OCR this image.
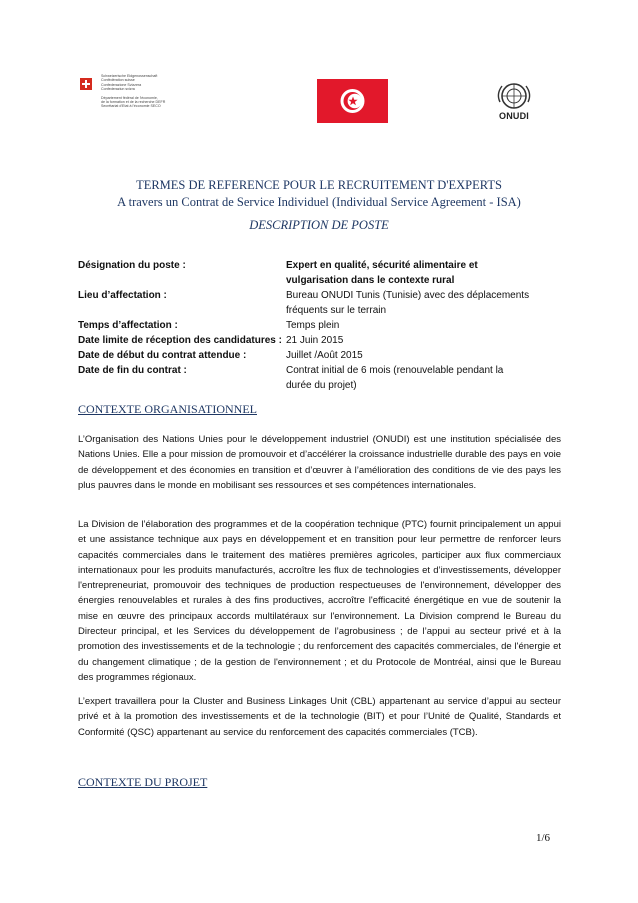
Schweizerische Eidgenossenschaft
Confédération suisse
Confederazione Svizzera
Confederaziun svizra
Département fédéral de l'économie,
de la formation et de la recherche DEFR
Secrétariat d'Etat à l'économie SECO
ONUDI
TERMES DE REFERENCE POUR LE RECRUITEMENT D'EXPERTS
A travers un Contrat de Service Individuel (Individual Service Agreement - ISA)
DESCRIPTION DE POSTE
Désignation du poste :	Expert en qualité, sécurité alimentaire et vulgarisation dans le contexte rural
Lieu d’affectation :	Bureau ONUDI Tunis (Tunisie) avec des déplacements fréquents sur le terrain
Temps d’affectation :	Temps plein
Date limite de réception des candidatures : 21 Juin 2015
Date de début du contrat attendue :	Juillet /Août 2015
Date de fin du contrat :	Contrat initial de 6 mois (renouvelable pendant la durée du projet)
CONTEXTE ORGANISATIONNEL
L’Organisation des Nations Unies pour le développement industriel (ONUDI) est une institution spécialisée des Nations Unies. Elle a pour mission de promouvoir et d’accélérer la croissance industrielle durable des pays en voie de développement et des économies en transition et d’œuvrer à l’amélioration des conditions de vie des pays les plus pauvres dans le monde en mobilisant ses ressources et ses compétences internationales.
La Division de l’élaboration des programmes et de la coopération technique (PTC) fournit principalement un appui et une assistance technique aux pays en développement et en transition pour leur permettre de renforcer leurs capacités commerciales dans le traitement des matières premières agricoles, participer aux flux commerciaux internationaux pour les produits manufacturés, accroître les flux de technologies et d’investissements, développer l'entrepreneuriat, promouvoir des techniques de production respectueuses de l'environnement, développer des énergies renouvelables et rurales à des fins productives, accroître l'efficacité énergétique en vue de soutenir la mise en œuvre des principaux accords multilatéraux sur l'environnement. La Division comprend le Bureau du Directeur principal, et les Services du développement de l’agrobusiness ; de l’appui au secteur privé et à la promotion des investissements et de la technologie ; du renforcement des capacités commerciales, de l'énergie et du changement climatique ; de la gestion de l'environnement ; et du Protocole de Montréal, ainsi que le Bureau des programmes régionaux.
L’expert travaillera pour la Cluster and Business Linkages Unit (CBL) appartenant au service d’appui au secteur privé et à la promotion des investissements et de la technologie (BIT) et pour l’Unité de Qualité, Standards et Conformité (QSC) appartenant au service du renforcement des capacités commerciales (TCB).
CONTEXTE DU PROJET
1/6
